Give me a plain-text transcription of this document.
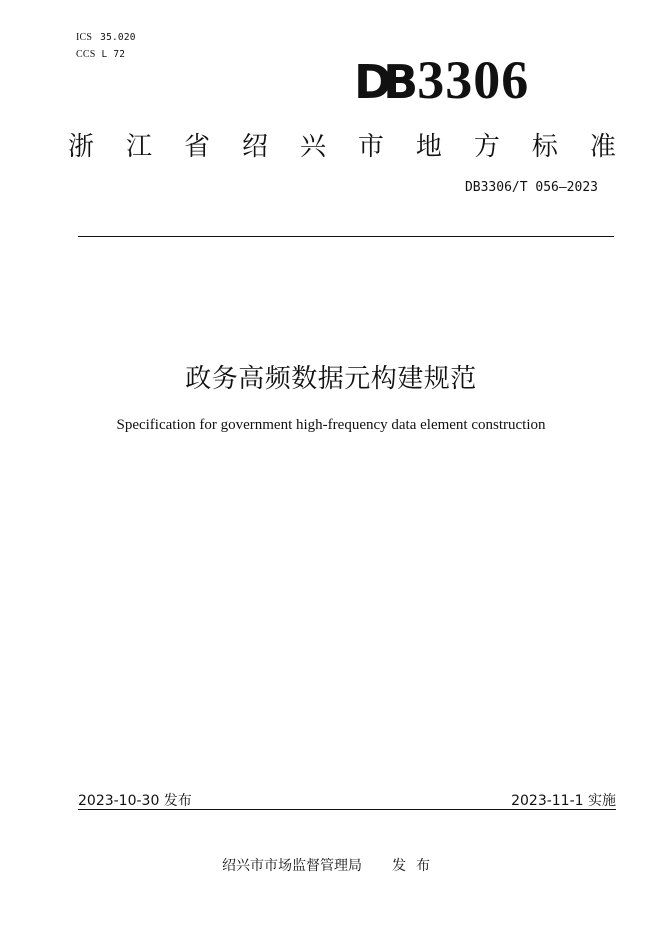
ICS 35.020
CCS L 72
DB 3306
浙 江 省 绍 兴 市 地 方 标 准
DB3306/T 056—2023
政务高频数据元构建规范
Specification for government high-frequency data element construction
2023-10-30 发布	2023-11-1 实施
绍兴市市场监督管理局 发布
